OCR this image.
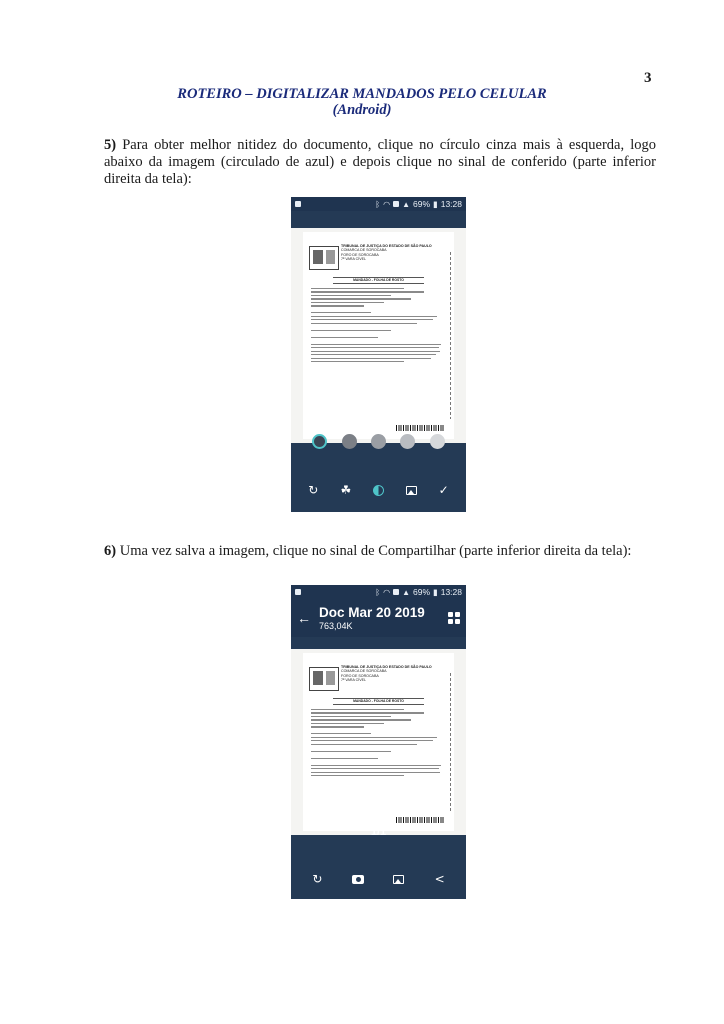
3
ROTEIRO – DIGITALIZAR MANDADOS PELO CELULAR
(Android)
5) Para obter melhor nitidez do documento, clique no círculo cinza mais à esquerda, logo abaixo da imagem (circulado de azul) e depois clique no sinal de conferido (parte inferior direita da tela):
ᛒ ◠ ▲ 69% ▮ 13:28
TRIBUNAL DE JUSTIÇA DO ESTADO DE SÃO PAULO
COMARCA DE SOROCABA
FORO DE SOROCABA
7ª VARA CÍVEL
MANDADO - FOLHA DE ROSTO
↻ ☘	✓
6) Uma vez salva a imagem, clique no sinal de Compartilhar (parte inferior direita da tela):
ᛒ ◠ ▲ 69% ▮ 13:28
← Doc Mar 20 2019
763,04K
TRIBUNAL DE JUSTIÇA DO ESTADO DE SÃO PAULO
COMARCA DE SOROCABA
FORO DE SOROCABA
7ª VARA CÍVEL
MANDADO - FOLHA DE ROSTO
1/1
↻	<
